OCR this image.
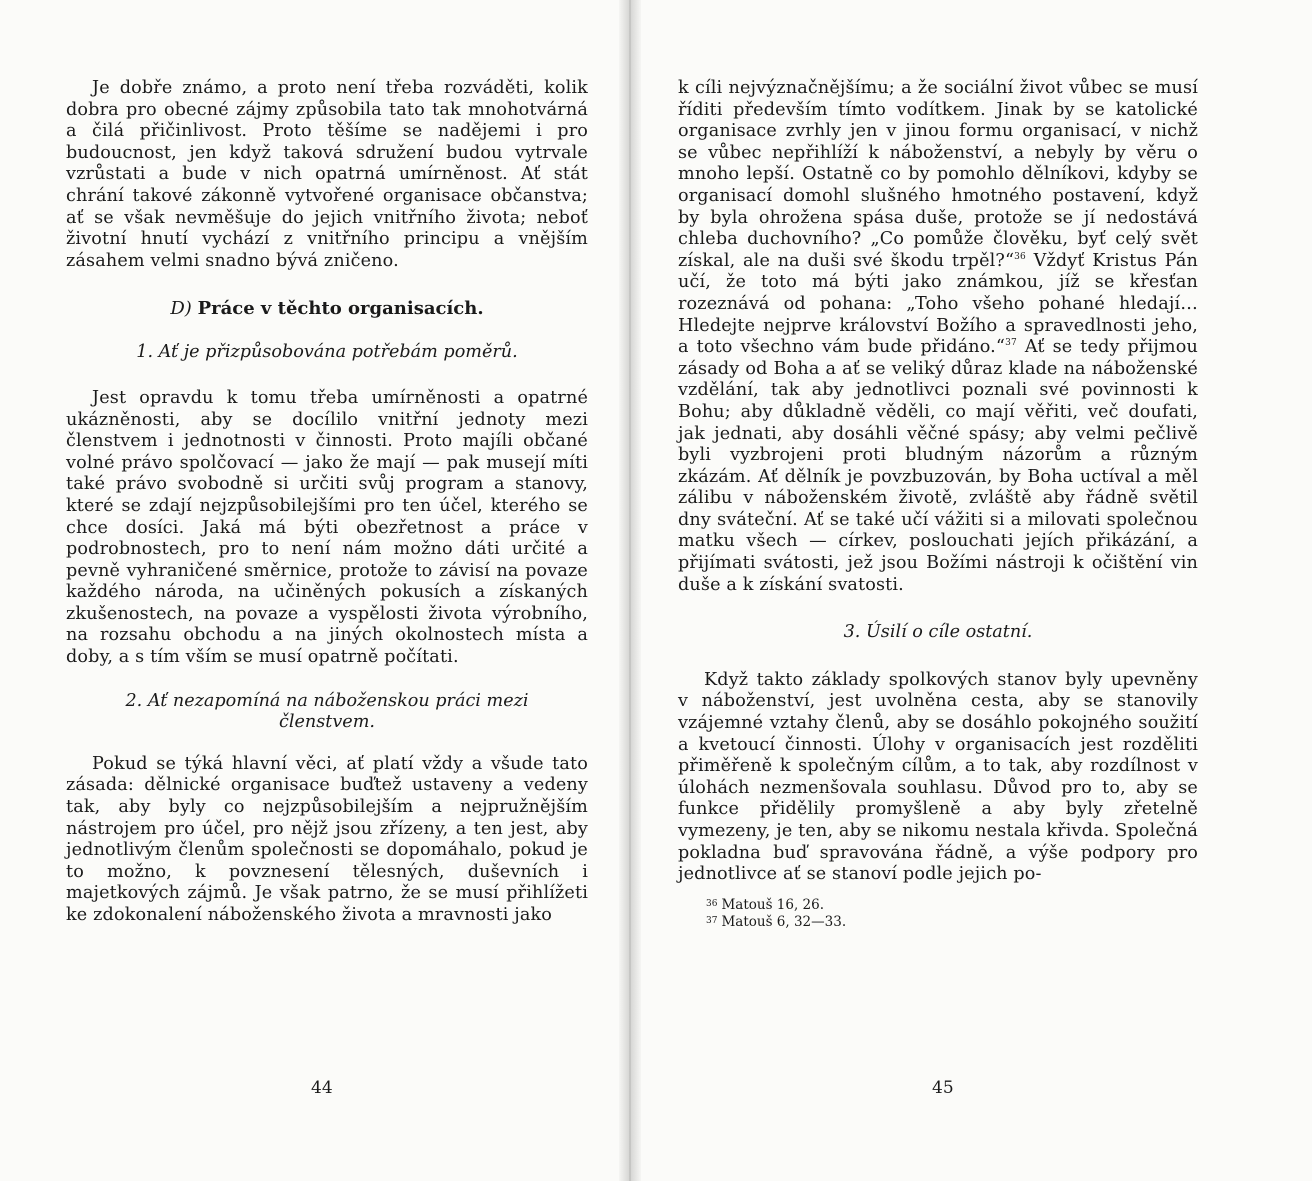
Je dobře známo, a proto není třeba rozváděti, kolik dobra pro obecné zájmy způsobila tato tak mnohotvárná a čilá přičinlivost. Proto těšíme se nadějemi i pro budoucnost, jen když taková sdružení budou vytrvale vzrůstati a bude v nich opatrná umírněnost. Ať stát chrání takové zákonně vytvořené organisace občanstva; ať se však nevměšuje do jejich vnitřního života; neboť životní hnutí vychází z vnitřního principu a vnějším zásahem velmi snadno bývá zničeno.

D) Práce v těchto organisacích.

1. Ať je přizpůsobována potřebám poměrů.

Jest opravdu k tomu třeba umírněnosti a opatrné ukázněnosti, aby se docílilo vnitřní jednoty mezi členstvem i jednotnosti v činnosti. Proto majíli občané volné právo spolčovací — jako že mají — pak musejí míti také právo svobodně si určiti svůj program a stanovy, které se zdají nejzpůsobilejšími pro ten účel, kterého se chce dosíci. Jaká má býti obezřetnost a práce v podrobnostech, pro to není nám možno dáti určité a pevně vyhraničené směrnice, protože to závisí na povaze každého národa, na učiněných pokusích a získaných zkušenostech, na povaze a vyspělosti života výrobního, na rozsahu obchodu a na jiných okolnostech místa a doby, a s tím vším se musí opatrně počítati.

2. Ať nezapomíná na náboženskou práci mezi

členstvem.

Pokud se týká hlavní věci, ať platí vždy a všude tato zásada: dělnické organisace buďtež ustaveny a vedeny tak, aby byly co nejzpůsobilejším a nejpružnějším nástrojem pro účel, pro nějž jsou zřízeny, a ten jest, aby jednotlivým členům společnosti se dopomáhalo, pokud je to možno, k povznesení tělesných, duševních i majetkových zájmů. Je však patrno, že se musí přihlížeti ke zdokonalení náboženského života a mravnosti jako

44

k cíli nejvýznačnějšímu; a že sociální život vůbec se musí říditi především tímto vodítkem. Jinak by se katolické organisace zvrhly jen v jinou formu organisací, v nichž se vůbec nepřihlíží k náboženství, a nebyly by věru o mnoho lepší. Ostatně co by pomohlo dělníkovi, kdyby se organisací domohl slušného hmotného postavení, když by byla ohrožena spása duše, protože se jí nedostává chleba duchovního? „Co pomůže člověku, byť celý svět získal, ale na duši své škodu trpěl?“$^{36}$ Vždyť Kristus Pán učí, že toto má býti jako známkou, jíž se křesťan rozeznává od pohana: „Toho všeho pohané hledají… Hledejte nejprve království Božího a spravedlnosti jeho, a toto všechno vám bude přidáno.“$^{37}$ Ať se tedy přijmou zásady od Boha a ať se veliký důraz klade na náboženské vzdělání, tak aby jednotlivci poznali své povinnosti k Bohu; aby důkladně věděli, co mají věřiti, več doufati, jak jednati, aby dosáhli věčné spásy; aby velmi pečlivě byli vyzbrojeni proti bludným názorům a různým zkázám. Ať dělník je povzbuzován, by Boha uctíval a měl zálibu v náboženském životě, zvláště aby řádně světil dny sváteční. Ať se také učí vážiti si a milovati společnou matku všech — církev, poslouchati jejích přikázání, a přijímati svátosti, jež jsou Božími nástroji k očištění vin duše a k získání svatosti.

3. Úsilí o cíle ostatní.

Když takto základy spolkových stanov byly upevněny v náboženství, jest uvolněna cesta, aby se stanovily vzájemné vztahy členů, aby se dosáhlo pokojného soužití a kvetoucí činnosti. Úlohy v organisacích jest rozděliti přiměřeně k společným cílům, a to tak, aby rozdílnost v úlohách nezmenšovala souhlasu. Důvod pro to, aby se funkce přidělily promyšleně a aby byly zřetelně vymezeny, je ten, aby se nikomu nestala křivda. Společná pokladna buď spravována řádně, a výše podpory pro jednotlivce ať se stanoví podle jejich po-

$^{36}$ Matouš 16, 26.
$^{37}$ Matouš 6, 32—33.
45
